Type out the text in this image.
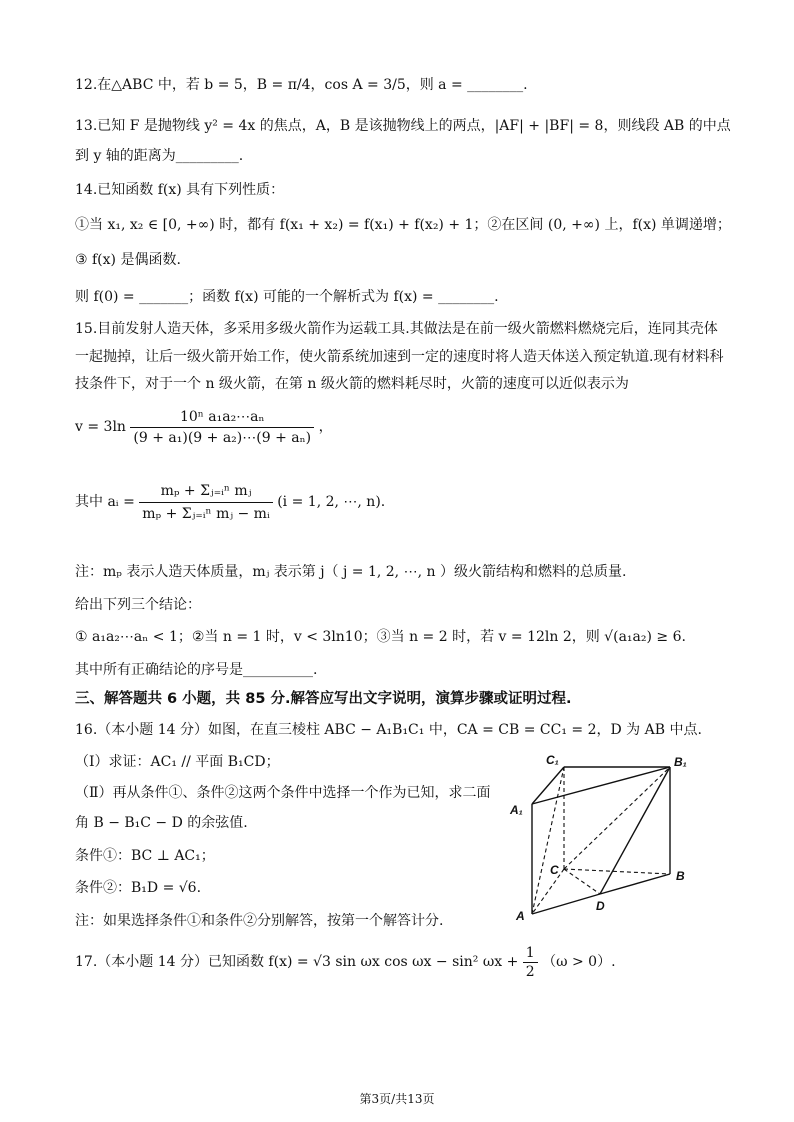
12.在△ABC 中，若 b = 5，B = π/4，cos A = 3/5，则 a = ________.
13.已知 F 是抛物线 y² = 4x 的焦点，A，B 是该抛物线上的两点，|AF| + |BF| = 8，则线段 AB 的中点
到 y 轴的距离为_________.
14.已知函数 f(x) 具有下列性质：
①当 x₁, x₂ ∈ [0, +∞) 时，都有 f(x₁ + x₂) = f(x₁) + f(x₂) + 1；②在区间 (0, +∞) 上，f(x) 单调递增；
③ f(x) 是偶函数.
则 f(0) = _______；函数 f(x) 可能的一个解析式为 f(x) = ________.
15.目前发射人造天体，多采用多级火箭作为运载工具.其做法是在前一级火箭燃料燃烧完后，连同其壳体
一起抛掉，让后一级火箭开始工作，使火箭系统加速到一定的速度时将人造天体送入预定轨道.现有材料科
技条件下，对于一个 n 级火箭，在第 n 级火箭的燃料耗尽时，火箭的速度可以近似表示为
$v = 3\ln \frac{\text{10ⁿ a₁a₂⋯aₙ}}{\text{(9 + a₁)(9 + a₂)⋯(9 + aₙ)}}$ ，
其中 aᵢ = $\frac{\text{mₚ + Σⱼ₌ᵢⁿ mⱼ}}{\text{mₚ + Σⱼ₌ᵢⁿ mⱼ − mᵢ}} (i = 1$, 2, ⋯, n).
注：mₚ 表示人造天体质量，mⱼ 表示第 j（ j = 1, 2, ⋯, n ）级火箭结构和燃料的总质量.
给出下列三个结论：
① a₁a₂⋯aₙ < 1；②当 n = 1 时，v < 3ln10；③当 n = 2 时，若 v = 12ln 2，则 √(a₁a₂) ≥ 6.
其中所有正确结论的序号是__________.
三、解答题共 6 小题，共 85 分.解答应写出文字说明，演算步骤或证明过程.
16.（本小题 14 分）如图，在直三棱柱 ABC − A₁B₁C₁ 中，CA = CB = CC₁ = 2，D 为 AB 中点.
（Ⅰ）求证：AC₁ // 平面 B₁CD；
（Ⅱ）再从条件①、条件②这两个条件中选择一个作为已知，求二面
角 B − B₁C − D 的余弦值.
条件①：BC ⊥ AC₁；
条件②：B₁D = √6.
注：如果选择条件①和条件②分别解答，按第一个解答计分.
C₁	B₁
A₁
C	B
A
D
17.（本小题 14 分）已知函数 f(x) = √3 sin ωx cos ωx − sin² $\omega x + \frac{1}{2} (\omega > 0)$.
第3页/共13页
